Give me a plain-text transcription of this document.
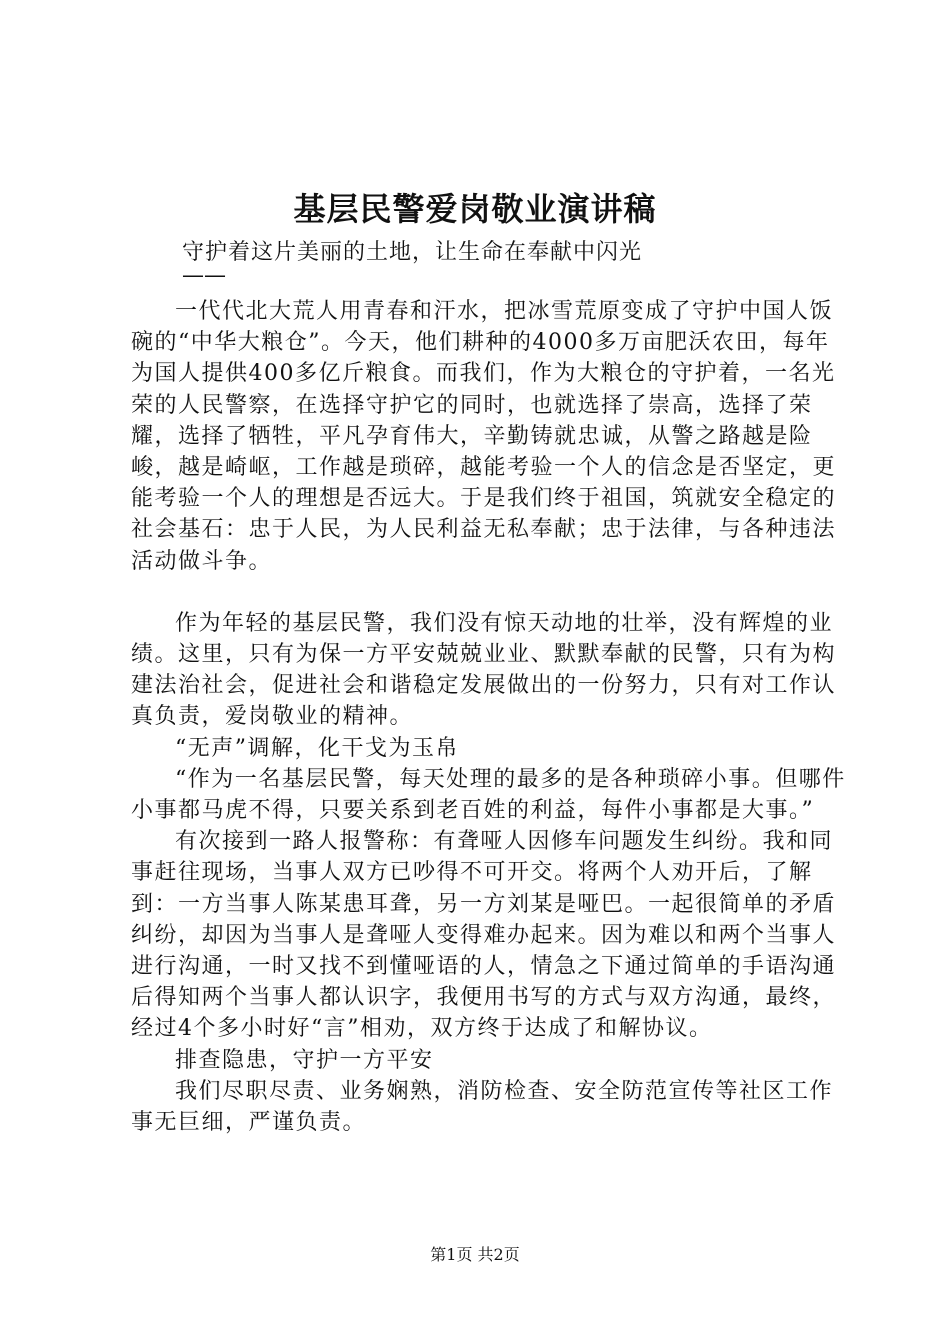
基层民警爱岗敬业演讲稿
守护着这片美丽的土地，让生命在奉献中闪光
——

一代代北大荒人用青春和汗水，把冰雪荒原变成了守护中国人饭碗的“中华大粮仓”。今天，他们耕种的4000多万亩肥沃农田，每年为国人提供400多亿斤粮食。而我们，作为大粮仓的守护着，一名光荣的人民警察，在选择守护它的同时，也就选择了崇高，选择了荣耀，选择了牺牲，平凡孕育伟大，辛勤铸就忠诚，从警之路越是险峻，越是崎岖，工作越是琐碎，越能考验一个人的信念是否坚定，更能考验一个人的理想是否远大。于是我们终于祖国，筑就安全稳定的社会基石：忠于人民，为人民利益无私奉献；忠于法律，与各种违法活动做斗争。

作为年轻的基层民警，我们没有惊天动地的壮举，没有辉煌的业绩。这里，只有为保一方平安兢兢业业、默默奉献的民警，只有为构建法治社会，促进社会和谐稳定发展做出的一份努力，只有对工作认真负责，爱岗敬业的精神。

“无声”调解，化干戈为玉帛

“作为一名基层民警，每天处理的最多的是各种琐碎小事。但哪件小事都马虎不得，只要关系到老百姓的利益，每件小事都是大事。”

有次接到一路人报警称：有聋哑人因修车问题发生纠纷。我和同事赶往现场，当事人双方已吵得不可开交。将两个人劝开后，了解到：一方当事人陈某患耳聋，另一方刘某是哑巴。一起很简单的矛盾纠纷，却因为当事人是聋哑人变得难办起来。因为难以和两个当事人进行沟通，一时又找不到懂哑语的人，情急之下通过简单的手语沟通后得知两个当事人都认识字，我便用书写的方式与双方沟通，最终，经过4个多小时好“言”相劝，双方终于达成了和解协议。

排查隐患，守护一方平安

我们尽职尽责、业务娴熟，消防检查、安全防范宣传等社区工作事无巨细，严谨负责。

第1页 共2页
